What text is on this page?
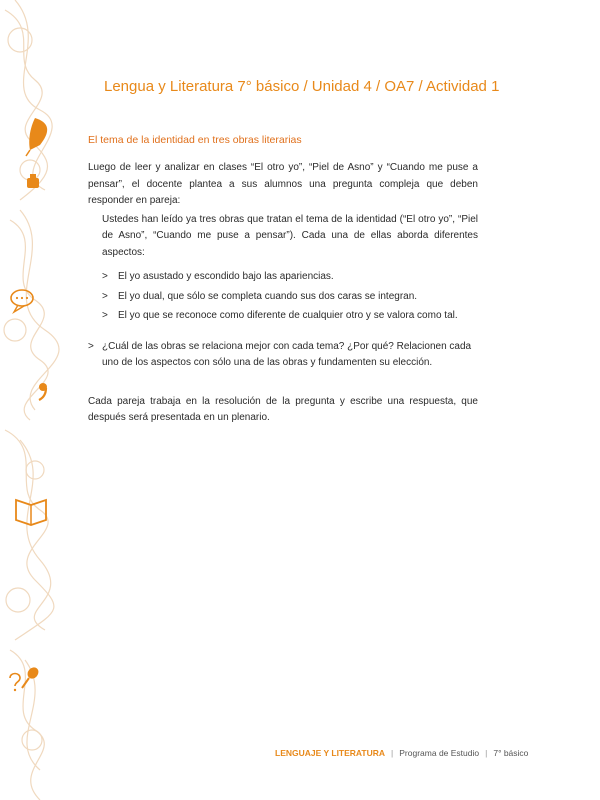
Lengua y Literatura 7° básico / Unidad 4 / OA7 / Actividad 1
El tema de la identidad en tres obras literarias

Luego de leer y analizar en clases “El otro yo”, “Piel de Asno” y “Cuando me puse a pensar”, el docente plantea a sus alumnos una pregunta compleja que deben responder en pareja:

Ustedes han leído ya tres obras que tratan el tema de la identidad (“El otro yo”, “Piel de Asno”, “Cuando me puse a pensar”). Cada una de ellas aborda diferentes aspectos:

>	El yo asustado y escondido bajo las apariencias.
>	El yo dual, que sólo se completa cuando sus dos caras se integran.
>	El yo que se reconoce como diferente de cualquier otro y se valora como tal.
> ¿Cuál de las obras se relaciona mejor con cada tema? ¿Por qué? Relacionen cada uno de los aspectos con sólo una de las obras y fundamenten su elección.

Cada pareja trabaja en la resolución de la pregunta y escribe una respuesta, que después será presentada en un plenario.

LENGUAJE Y LITERATURA | Programa de Estudio | 7° básico
